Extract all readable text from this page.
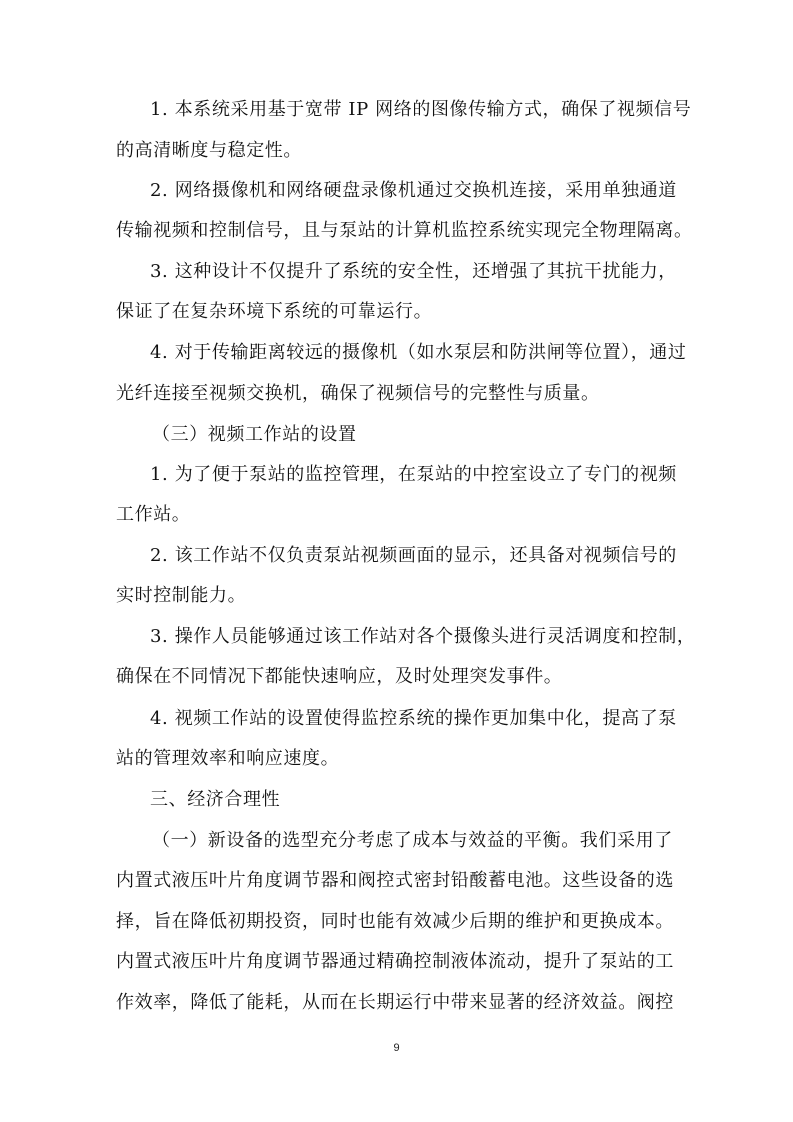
1. 本系统采用基于宽带 IP 网络的图像传输方式，确保了视频信号
的高清晰度与稳定性。
2. 网络摄像机和网络硬盘录像机通过交换机连接，采用单独通道
传输视频和控制信号，且与泵站的计算机监控系统实现完全物理隔离。
3. 这种设计不仅提升了系统的安全性，还增强了其抗干扰能力，
保证了在复杂环境下系统的可靠运行。
4. 对于传输距离较远的摄像机（如水泵层和防洪闸等位置），通过
光纤连接至视频交换机，确保了视频信号的完整性与质量。
（三）视频工作站的设置
1. 为了便于泵站的监控管理，在泵站的中控室设立了专门的视频
工作站。
2. 该工作站不仅负责泵站视频画面的显示，还具备对视频信号的
实时控制能力。
3. 操作人员能够通过该工作站对各个摄像头进行灵活调度和控制，
确保在不同情况下都能快速响应，及时处理突发事件。
4. 视频工作站的设置使得监控系统的操作更加集中化，提高了泵
站的管理效率和响应速度。
三、经济合理性
（一）新设备的选型充分考虑了成本与效益的平衡。我们采用了
内置式液压叶片角度调节器和阀控式密封铅酸蓄电池。这些设备的选
择，旨在降低初期投资，同时也能有效减少后期的维护和更换成本。
内置式液压叶片角度调节器通过精确控制液体流动，提升了泵站的工
作效率，降低了能耗，从而在长期运行中带来显著的经济效益。阀控
9
